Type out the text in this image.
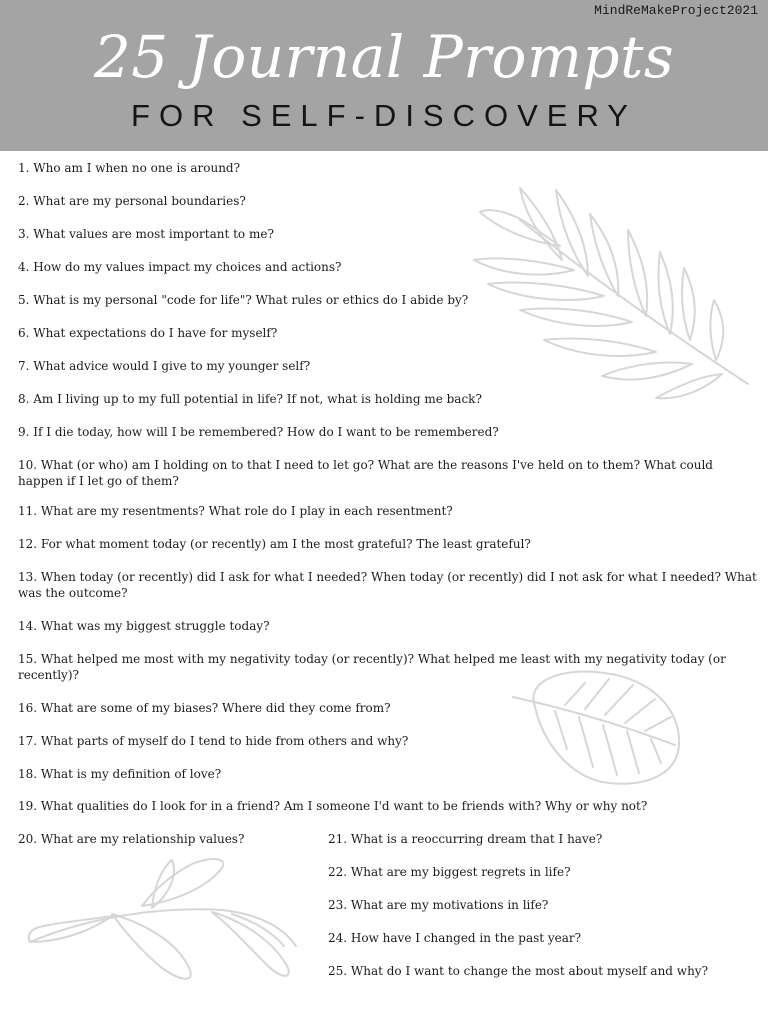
MindReMakeProject2021
25 Journal Prompts
FOR SELF-DISCOVERY

1. Who am I when no one is around?

2. What are my personal boundaries?

3. What values are most important to me?

4. How do my values impact my choices and actions?

5. What is my personal "code for life"? What rules or ethics do I abide by?

6. What expectations do I have for myself?

7. What advice would I give to my younger self?

8. Am I living up to my full potential in life? If not, what is holding me back?

9. If I die today, how will I be remembered? How do I want to be remembered?

10. What (or who) am I holding on to that I need to let go? What are the reasons I've held on to them? What could happen if I let go of them?

11. What are my resentments? What role do I play in each resentment?

12. For what moment today (or recently) am I the most grateful? The least grateful?

13. When today (or recently) did I ask for what I needed? When today (or recently) did I not ask for what I needed? What was the outcome?

14. What was my biggest struggle today?

15. What helped me most with my negativity today (or recently)? What helped me least with my negativity today (or recently)?

16. What are some of my biases? Where did they come from?

17. What parts of myself do I tend to hide from others and why?

18. What is my definition of love?

19. What qualities do I look for in a friend? Am I someone I'd want to be friends with? Why or why not?

20. What are my relationship values?	21. What is a reoccurring dream that I have?

22. What are my biggest regrets in life?

23. What are my motivations in life?

24. How have I changed in the past year?

25. What do I want to change the most about myself and why?
